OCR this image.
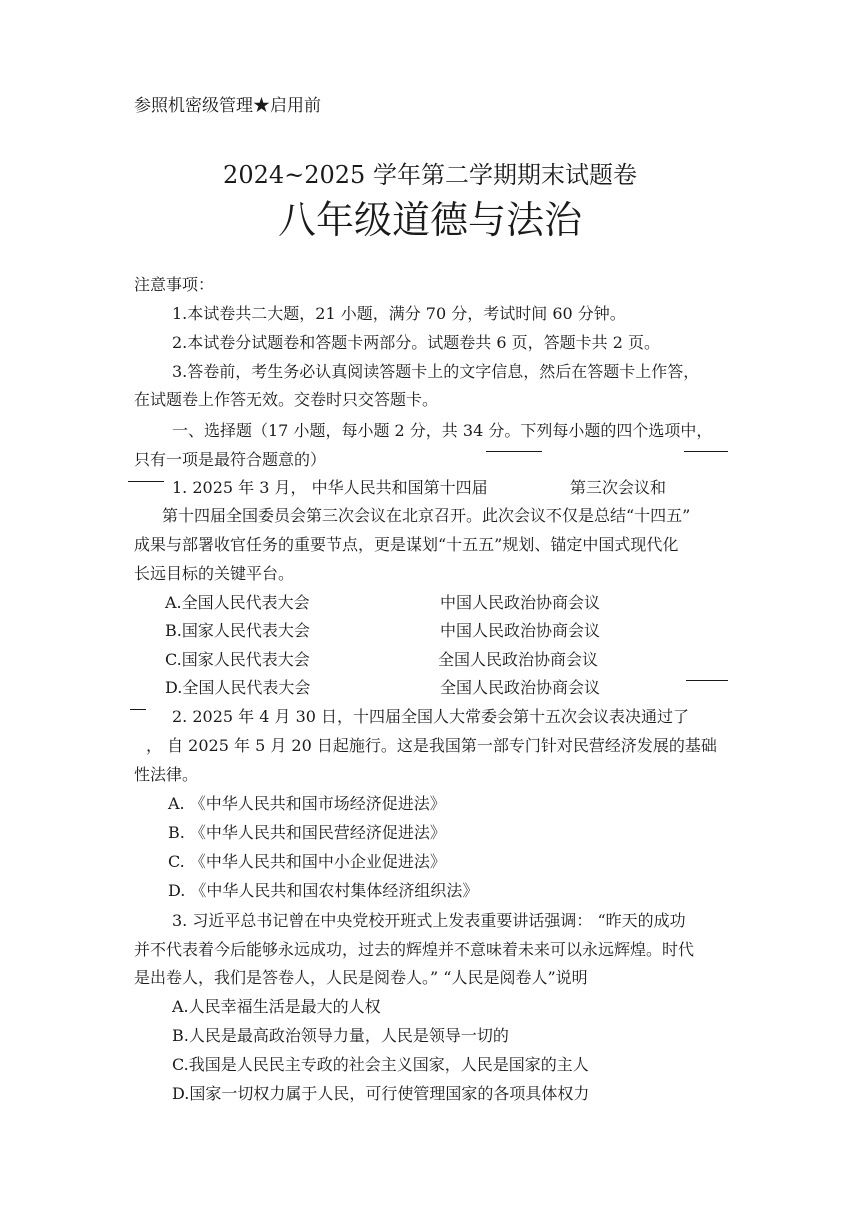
参照机密级管理★启用前
2024~2025 学年第二学期期末试题卷
八年级道德与法治
注意事项：
1.本试卷共二大题，21 小题，满分 70 分，考试时间 60 分钟。
2.本试卷分试题卷和答题卡两部分。试题卷共 6 页，答题卡共 2 页。
3.答卷前，考生务必认真阅读答题卡上的文字信息，然后在答题卡上作答，
在试题卷上作答无效。交卷时只交答题卡。
一、选择题（17 小题，每小题 2 分，共 34 分。下列每小题的四个选项中，
只有一项是最符合题意的）
1. 2025 年 3 月， 中华人民共和国第十四届	第三次会议和
第十四届全国委员会第三次会议在北京召开。此次会议不仅是总结“十四五”
成果与部署收官任务的重要节点，更是谋划“十五五”规划、锚定中国式现代化
长远目标的关键平台。
A.全国人民代表大会	中国人民政治协商会议
B.国家人民代表大会	中国人民政治协商会议
C.国家人民代表大会	全国人民政治协商会议
D.全国人民代表大会	全国人民政治协商会议
2. 2025 年 4 月 30 日，十四届全国人大常委会第十五次会议表决通过了
， 自 2025 年 5 月 20 日起施行。这是我国第一部专门针对民营经济发展的基础
性法律。
A. 《中华人民共和国市场经济促进法》
B. 《中华人民共和国民营经济促进法》
C. 《中华人民共和国中小企业促进法》
D. 《中华人民共和国农村集体经济组织法》
3. 习近平总书记曾在中央党校开班式上发表重要讲话强调： “昨天的成功
并不代表着今后能够永远成功，过去的辉煌并不意味着未来可以永远辉煌。时代
是出卷人，我们是答卷人，人民是阅卷人。” “人民是阅卷人”说明
A.人民幸福生活是最大的人权
B.人民是最高政治领导力量，人民是领导一切的
C.我国是人民民主专政的社会主义国家，人民是国家的主人
D.国家一切权力属于人民，可行使管理国家的各项具体权力
